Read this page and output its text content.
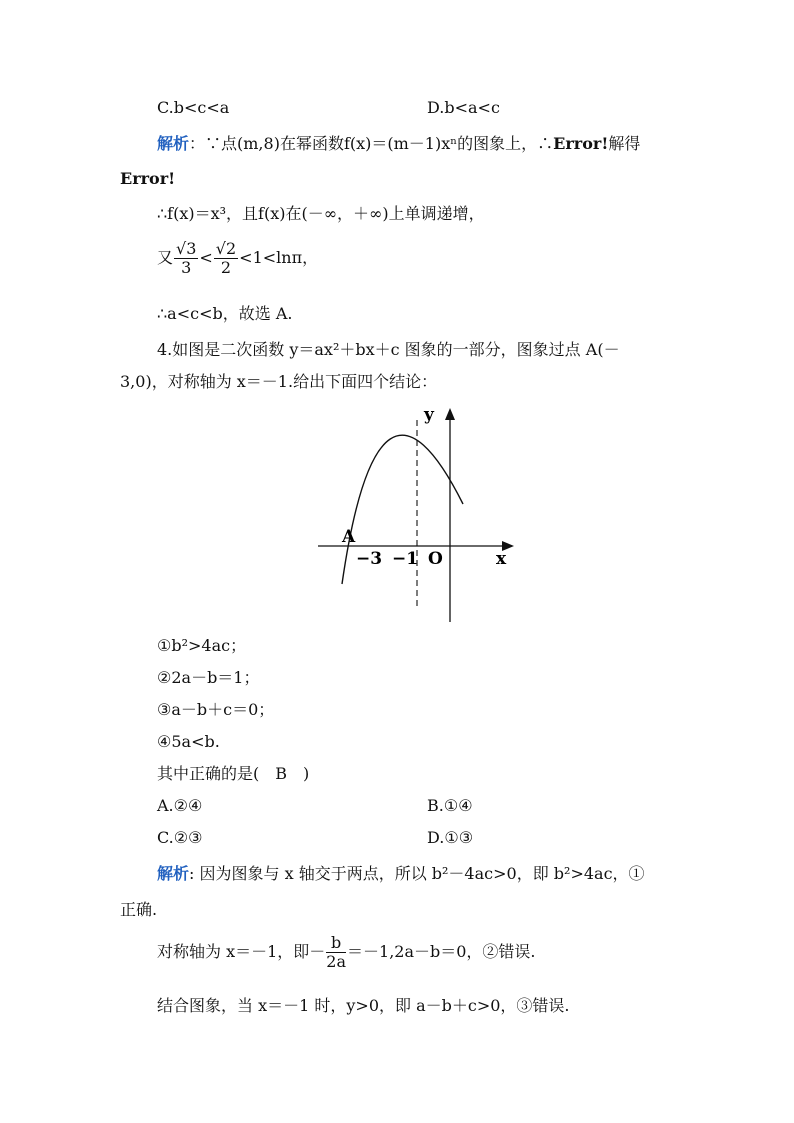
C.b<c<a	D.b<a<c
解析：∵点(m,8)在幂函数f(x)＝(m－1)xⁿ的图象上，∴Error!解得
Error!
∴f(x)＝x³，且f(x)在(－∞，＋∞)上单调递增，
又 $\frac{√3}{3} < \frac{√2}{2} <1<\ln\pi$，
∴a<c<b，故选 A.
4.如图是二次函数 y＝ax²＋bx＋c 图象的一部分，图象过点 A(－
3,0)，对称轴为 x＝－1.给出下面四个结论：
y
x
O
A
−3 −1
①b²>4ac；
②2a－b＝1；
③a－b＋c＝0；
④5a<b.
其中正确的是(　B　)
A.②④	B.①④
C.②③	D.①③
解析: 因为图象与 x 轴交于两点，所以 b²－4ac>0，即 b²>4ac，①
正确.
对称轴为 x＝－1，即－ $\frac{b}{2a} =-1,2a-b=0$，②错误.
结合图象，当 x＝－1 时，y>0，即 a－b＋c>0，③错误.
